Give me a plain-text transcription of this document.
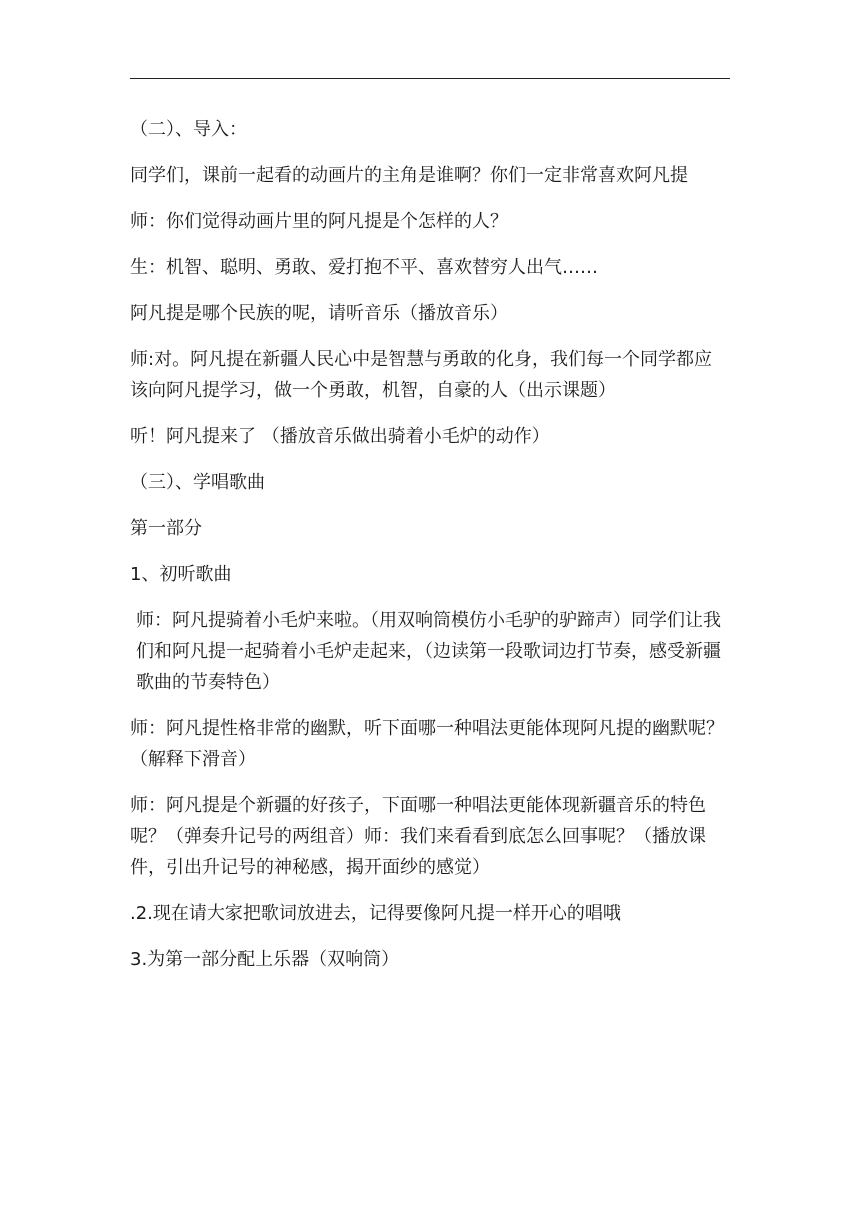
（二）、导入：

同学们，课前一起看的动画片的主角是谁啊？你们一定非常喜欢阿凡提

师：你们觉得动画片里的阿凡提是个怎样的人？

生：机智、聪明、勇敢、爱打抱不平、喜欢替穷人出气……

阿凡提是哪个民族的呢，请听音乐（播放音乐）

师:对。阿凡提在新疆人民心中是智慧与勇敢的化身，我们每一个同学都应该向阿凡提学习，做一个勇敢，机智，自豪的人（出示课题）

听！阿凡提来了 （播放音乐做出骑着小毛炉的动作）

（三）、学唱歌曲

第一部分

1、初听歌曲

师：阿凡提骑着小毛炉来啦。（用双响筒模仿小毛驴的驴蹄声）同学们让我们和阿凡提一起骑着小毛炉走起来，（边读第一段歌词边打节奏，感受新疆歌曲的节奏特色）

师：阿凡提性格非常的幽默，听下面哪一种唱法更能体现阿凡提的幽默呢？（解释下滑音）

师：阿凡提是个新疆的好孩子，下面哪一种唱法更能体现新疆音乐的特色呢？（弹奏升记号的两组音）师：我们来看看到底怎么回事呢？（播放课件，引出升记号的神秘感，揭开面纱的感觉）

.2.现在请大家把歌词放进去，记得要像阿凡提一样开心的唱哦

3.为第一部分配上乐器（双响筒）
